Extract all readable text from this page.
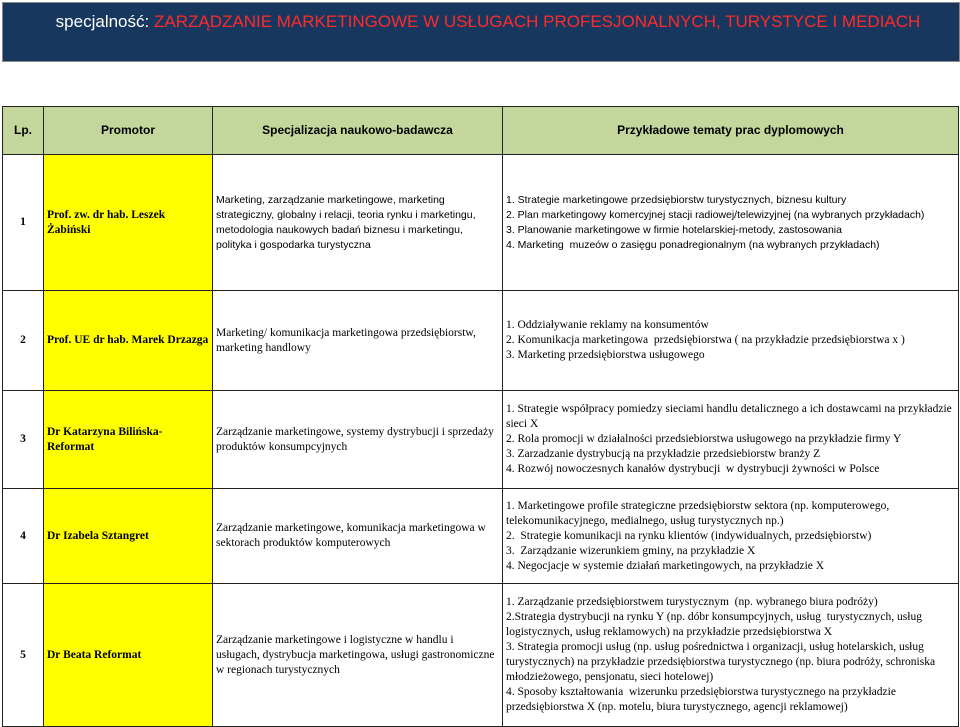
specjalność: ZARZĄDZANIE MARKETINGOWE W USŁUGACH PROFESJONALNYCH, TURYSTYCE I MEDIACH
Lp.	Promotor	Specjalizacja naukowo-badawcza	Przykładowe tematy prac dyplomowych
1	Prof. zw. dr hab. Leszek Żabiński	Marketing, zarządzanie marketingowe, marketing strategiczny, globalny i relacji, teoria rynku i marketingu, metodologia naukowych badań biznesu i marketingu, polityka i gospodarka turystyczna	1. Strategie marketingowe przedsiębiorstw turystycznych, biznesu kultury
2. Plan marketingowy komercyjnej stacji radiowej/telewizyjnej (na wybranych przykładach)
3. Planowanie marketingowe w firmie hotelarskiej-metody, zastosowania
4. Marketing  muzeów o zasięgu ponadregionalnym (na wybranych przykładach)

2	Prof. UE dr hab. Marek Drzazga	Marketing/ komunikacja marketingowa przedsiębiorstw, marketing handlowy	1. Oddziaływanie reklamy na konsumentów
2. Komunikacja marketingowa  przedsiębiorstwa ( na przykładzie przedsiębiorstwa x )
3. Marketing przedsiębiorstwa usługowego

3	Dr Katarzyna Bilińska-Reformat	Zarządzanie marketingowe, systemy dystrybucji i sprzedaży produktów konsumpcyjnych	1. Strategie współpracy pomiedzy sieciami handlu detalicznego a ich dostawcami na przykładzie sieci X
2. Rola promocji w działalności przedsiebiorstwa usługowego na przykładzie firmy Y
3. Zarzadzanie dystrybucją na przykładzie przedsiebiorstw branży Z
4. Rozwój nowoczesnych kanałów dystrybucji  w dystrybucji żywności w Polsce

4	Dr Izabela Sztangret	Zarządzanie marketingowe, komunikacja marketingowa w sektorach produktów komputerowych	1. Marketingowe profile strategiczne przedsiębiorstw sektora (np. komputerowego, telekomunikacyjnego, medialnego, usług turystycznych np.)
2.  Strategie komunikacji na rynku klientów (indywidualnych, przedsiębiorstw)
3.  Zarządzanie wizerunkiem gminy, na przykładzie X
4. Negocjacje w systemie działań marketingowych, na przykładzie X

5	Dr Beata Reformat	Zarządzanie marketingowe i logistyczne w handlu i usługach, dystrybucja marketingowa, usługi gastronomiczne w regionach turystycznych	1. Zarządzanie przedsiębiorstwem turystycznym  (np. wybranego biura podróży)
2.Strategia dystrybucji na rynku Y (np. dóbr konsumpcyjnych, usług  turystycznych, usług logistycznych, usług reklamowych) na przykładzie przedsiębiorstwa X
3. Strategia promocji usług (np. usług pośrednictwa i organizacji, usług hotelarskich, usług turystycznych) na przykładzie przedsiębiorstwa turystycznego (np. biura podróży, schroniska młodzieżowego, pensjonatu, sieci hotelowej)
4. Sposoby kształtowania  wizerunku przedsiębiorstwa turystycznego na przykładzie przedsiębiorstwa X (np. motelu, biura turystycznego, agencji reklamowej)
